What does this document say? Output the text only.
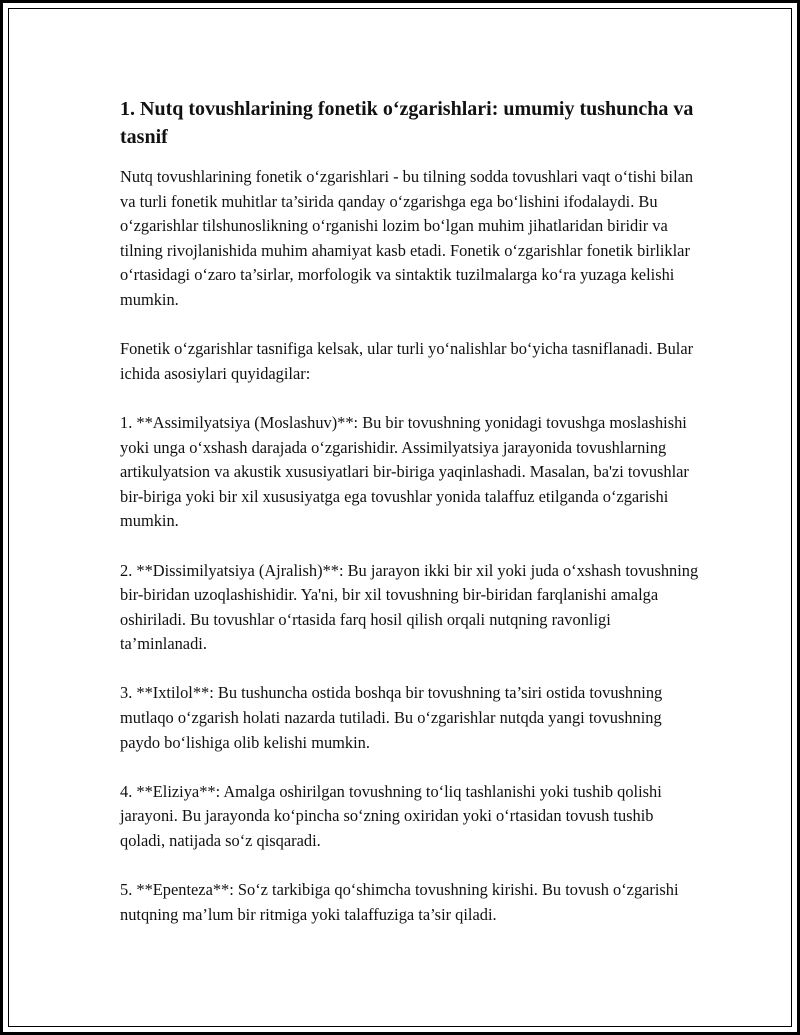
1. Nutq tovushlarining fonetik o‘zgarishlari: umumiy tushuncha va tasnif
Nutq tovushlarining fonetik o‘zgarishlari - bu tilning sodda tovushlari vaqt o‘tishi bilan va turli fonetik muhitlar ta’sirida qanday o‘zgarishga ega bo‘lishini ifodalaydi. Bu o‘zgarishlar tilshunoslikning o‘rganishi lozim bo‘lgan muhim jihatlaridan biridir va tilning rivojlanishida muhim ahamiyat kasb etadi. Fonetik o‘zgarishlar fonetik birliklar o‘rtasidagi o‘zaro ta’sirlar, morfologik va sintaktik tuzilmalarga ko‘ra yuzaga kelishi mumkin.
Fonetik o‘zgarishlar tasnifiga kelsak, ular turli yo‘nalishlar bo‘yicha tasniflanadi. Bular ichida asosiylari quyidagilar:
1. **Assimilyatsiya (Moslashuv)**: Bu bir tovushning yonidagi tovushga moslashishi yoki unga o‘xshash darajada o‘zgarishidir. Assimilyatsiya jarayonida tovushlarning artikulyatsion va akustik xususiyatlari bir-biriga yaqinlashadi. Masalan, ba'zi tovushlar bir-biriga yoki bir xil xususiyatga ega tovushlar yonida talaffuz etilganda o‘zgarishi mumkin.
2. **Dissimilyatsiya (Ajralish)**: Bu jarayon ikki bir xil yoki juda o‘xshash tovushning bir-biridan uzoqlashishidir. Ya'ni, bir xil tovushning bir-biridan farqlanishi amalga oshiriladi. Bu tovushlar o‘rtasida farq hosil qilish orqali nutqning ravonligi ta’minlanadi.
3. **Ixtilol**: Bu tushuncha ostida boshqa bir tovushning ta’siri ostida tovushning mutlaqo o‘zgarish holati nazarda tutiladi. Bu o‘zgarishlar nutqda yangi tovushning paydo bo‘lishiga olib kelishi mumkin.
4. **Eliziya**: Amalga oshirilgan tovushning to‘liq tashlanishi yoki tushib qolishi jarayoni. Bu jarayonda ko‘pincha so‘zning oxiridan yoki o‘rtasidan tovush tushib qoladi, natijada so‘z qisqaradi.
5. **Epenteza**: So‘z tarkibiga qo‘shimcha tovushning kirishi. Bu tovush o‘zgarishi nutqning ma’lum bir ritmiga yoki talaffuziga ta’sir qiladi.
